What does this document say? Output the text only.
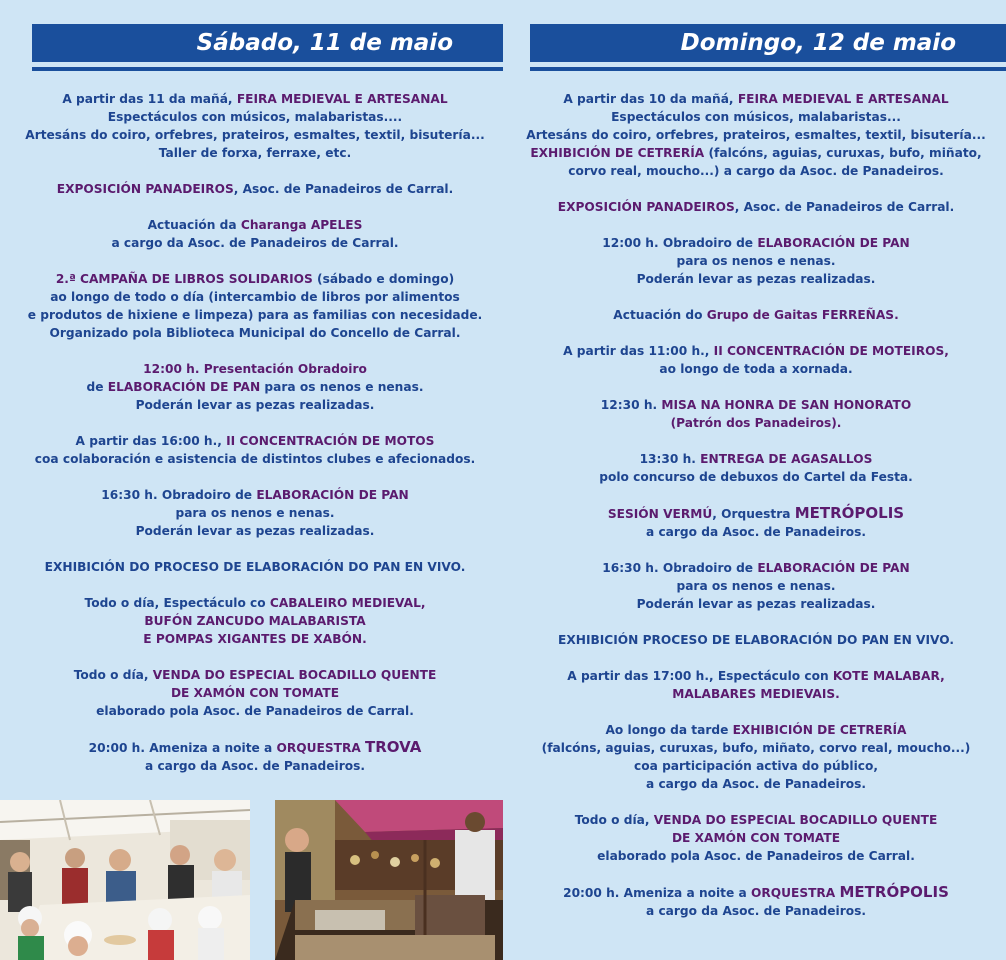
Sábado, 11 de maio
A partir das 11 da mañá, FEIRA MEDIEVAL E ARTESANAL
Espectáculos con músicos, malabaristas....
Artesáns do coiro, orfebres, prateiros, esmaltes, textil, bisutería...
Taller de forxa, ferraxe, etc.
EXPOSICIÓN PANADEIROS, Asoc. de Panadeiros de Carral.
Actuación da Charanga APELES
a cargo da Asoc. de Panadeiros de Carral.
2.ª CAMPAÑA DE LIBROS SOLIDARIOS (sábado e domingo)
ao longo de todo o día (intercambio de libros por alimentos
e produtos de hixiene e limpeza) para as familias con necesidade.
Organizado pola Biblioteca Municipal do Concello de Carral.
12:00 h. Presentación Obradoiro
de ELABORACIÓN DE PAN para os nenos e nenas.
Poderán levar as pezas realizadas.
A partir das 16:00 h., II CONCENTRACIÓN DE MOTOS
coa colaboración e asistencia de distintos clubes e afecionados.
16:30 h. Obradoiro de ELABORACIÓN DE PAN
para os nenos e nenas.
Poderán levar as pezas realizadas.
EXHIBICIÓN DO PROCESO DE ELABORACIÓN DO PAN EN VIVO.
Todo o día, Espectáculo co CABALEIRO MEDIEVAL,
BUFÓN ZANCUDO MALABARISTA
E POMPAS XIGANTES DE XABÓN.
Todo o día, VENDA DO ESPECIAL BOCADILLO QUENTE
DE XAMÓN CON TOMATE
elaborado pola Asoc. de Panadeiros de Carral.
20:00 h. Ameniza a noite a ORQUESTRA TROVA
a cargo da Asoc. de Panadeiros.
Domingo, 12 de maio
A partir das 10 da mañá, FEIRA MEDIEVAL E ARTESANAL
Espectáculos con músicos, malabaristas...
Artesáns do coiro, orfebres, prateiros, esmaltes, textil, bisutería...
EXHIBICIÓN DE CETRERÍA (falcóns, aguias, curuxas, bufo, miñato,
corvo real, moucho...) a cargo da Asoc. de Panadeiros.
EXPOSICIÓN PANADEIROS, Asoc. de Panadeiros de Carral.
12:00 h. Obradoiro de ELABORACIÓN DE PAN
para os nenos e nenas.
Poderán levar as pezas realizadas.
Actuación do Grupo de Gaitas FERREÑAS.
A partir das 11:00 h., II CONCENTRACIÓN DE MOTEIROS,
ao longo de toda a xornada.
12:30 h. MISA NA HONRA DE SAN HONORATO
(Patrón dos Panadeiros).
13:30 h. ENTREGA DE AGASALLOS
polo concurso de debuxos do Cartel da Festa.
SESIÓN VERMÚ, Orquestra METRÓPOLIS
a cargo da Asoc. de Panadeiros.
16:30 h. Obradoiro de ELABORACIÓN DE PAN
para os nenos e nenas.
Poderán levar as pezas realizadas.
EXHIBICIÓN PROCESO DE ELABORACIÓN DO PAN EN VIVO.
A partir das 17:00 h., Espectáculo con KOTE MALABAR,
MALABARES MEDIEVAIS.
Ao longo da tarde EXHIBICIÓN DE CETRERÍA
(falcóns, aguias, curuxas, bufo, miñato, corvo real, moucho...)
coa participación activa do público,
a cargo da Asoc. de Panadeiros.
Todo o día, VENDA DO ESPECIAL BOCADILLO QUENTE
DE XAMÓN CON TOMATE
elaborado pola Asoc. de Panadeiros de Carral.
20:00 h. Ameniza a noite a ORQUESTRA METRÓPOLIS
a cargo da Asoc. de Panadeiros.
